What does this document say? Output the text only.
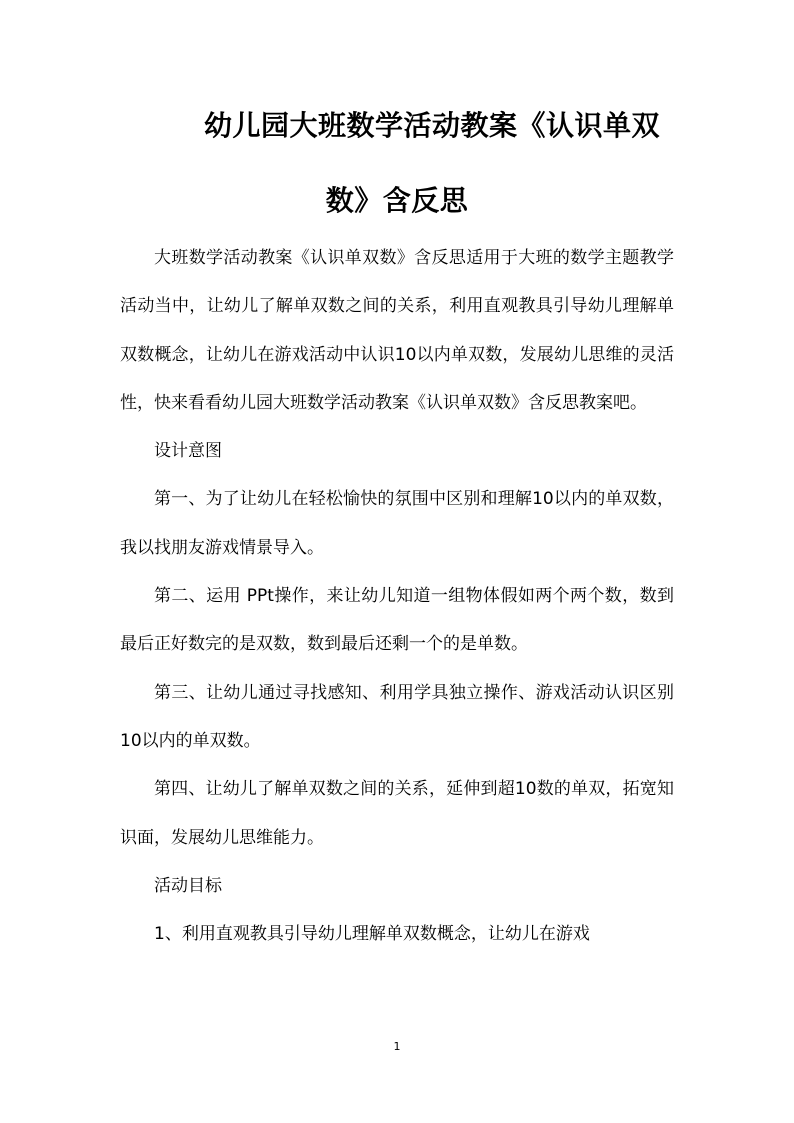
幼儿园大班数学活动教案《认识单双
数》含反思

大班数学活动教案《认识单双数》含反思适用于大班的数学主题教学活动当中，让幼儿了解单双数之间的关系，利用直观教具引导幼儿理解单双数概念，让幼儿在游戏活动中认识10以内单双数，发展幼儿思维的灵活性，快来看看幼儿园大班数学活动教案《认识单双数》含反思教案吧。

设计意图

第一、为了让幼儿在轻松愉快的氛围中区别和理解10以内的单双数，我以找朋友游戏情景导入。

第二、运用 PPt操作，来让幼儿知道一组物体假如两个两个数，数到最后正好数完的是双数，数到最后还剩一个的是单数。

第三、让幼儿通过寻找感知、利用学具独立操作、游戏活动认识区别10以内的单双数。

第四、让幼儿了解单双数之间的关系，延伸到超10数的单双，拓宽知识面，发展幼儿思维能力。

活动目标

1、利用直观教具引导幼儿理解单双数概念，让幼儿在游戏

1
